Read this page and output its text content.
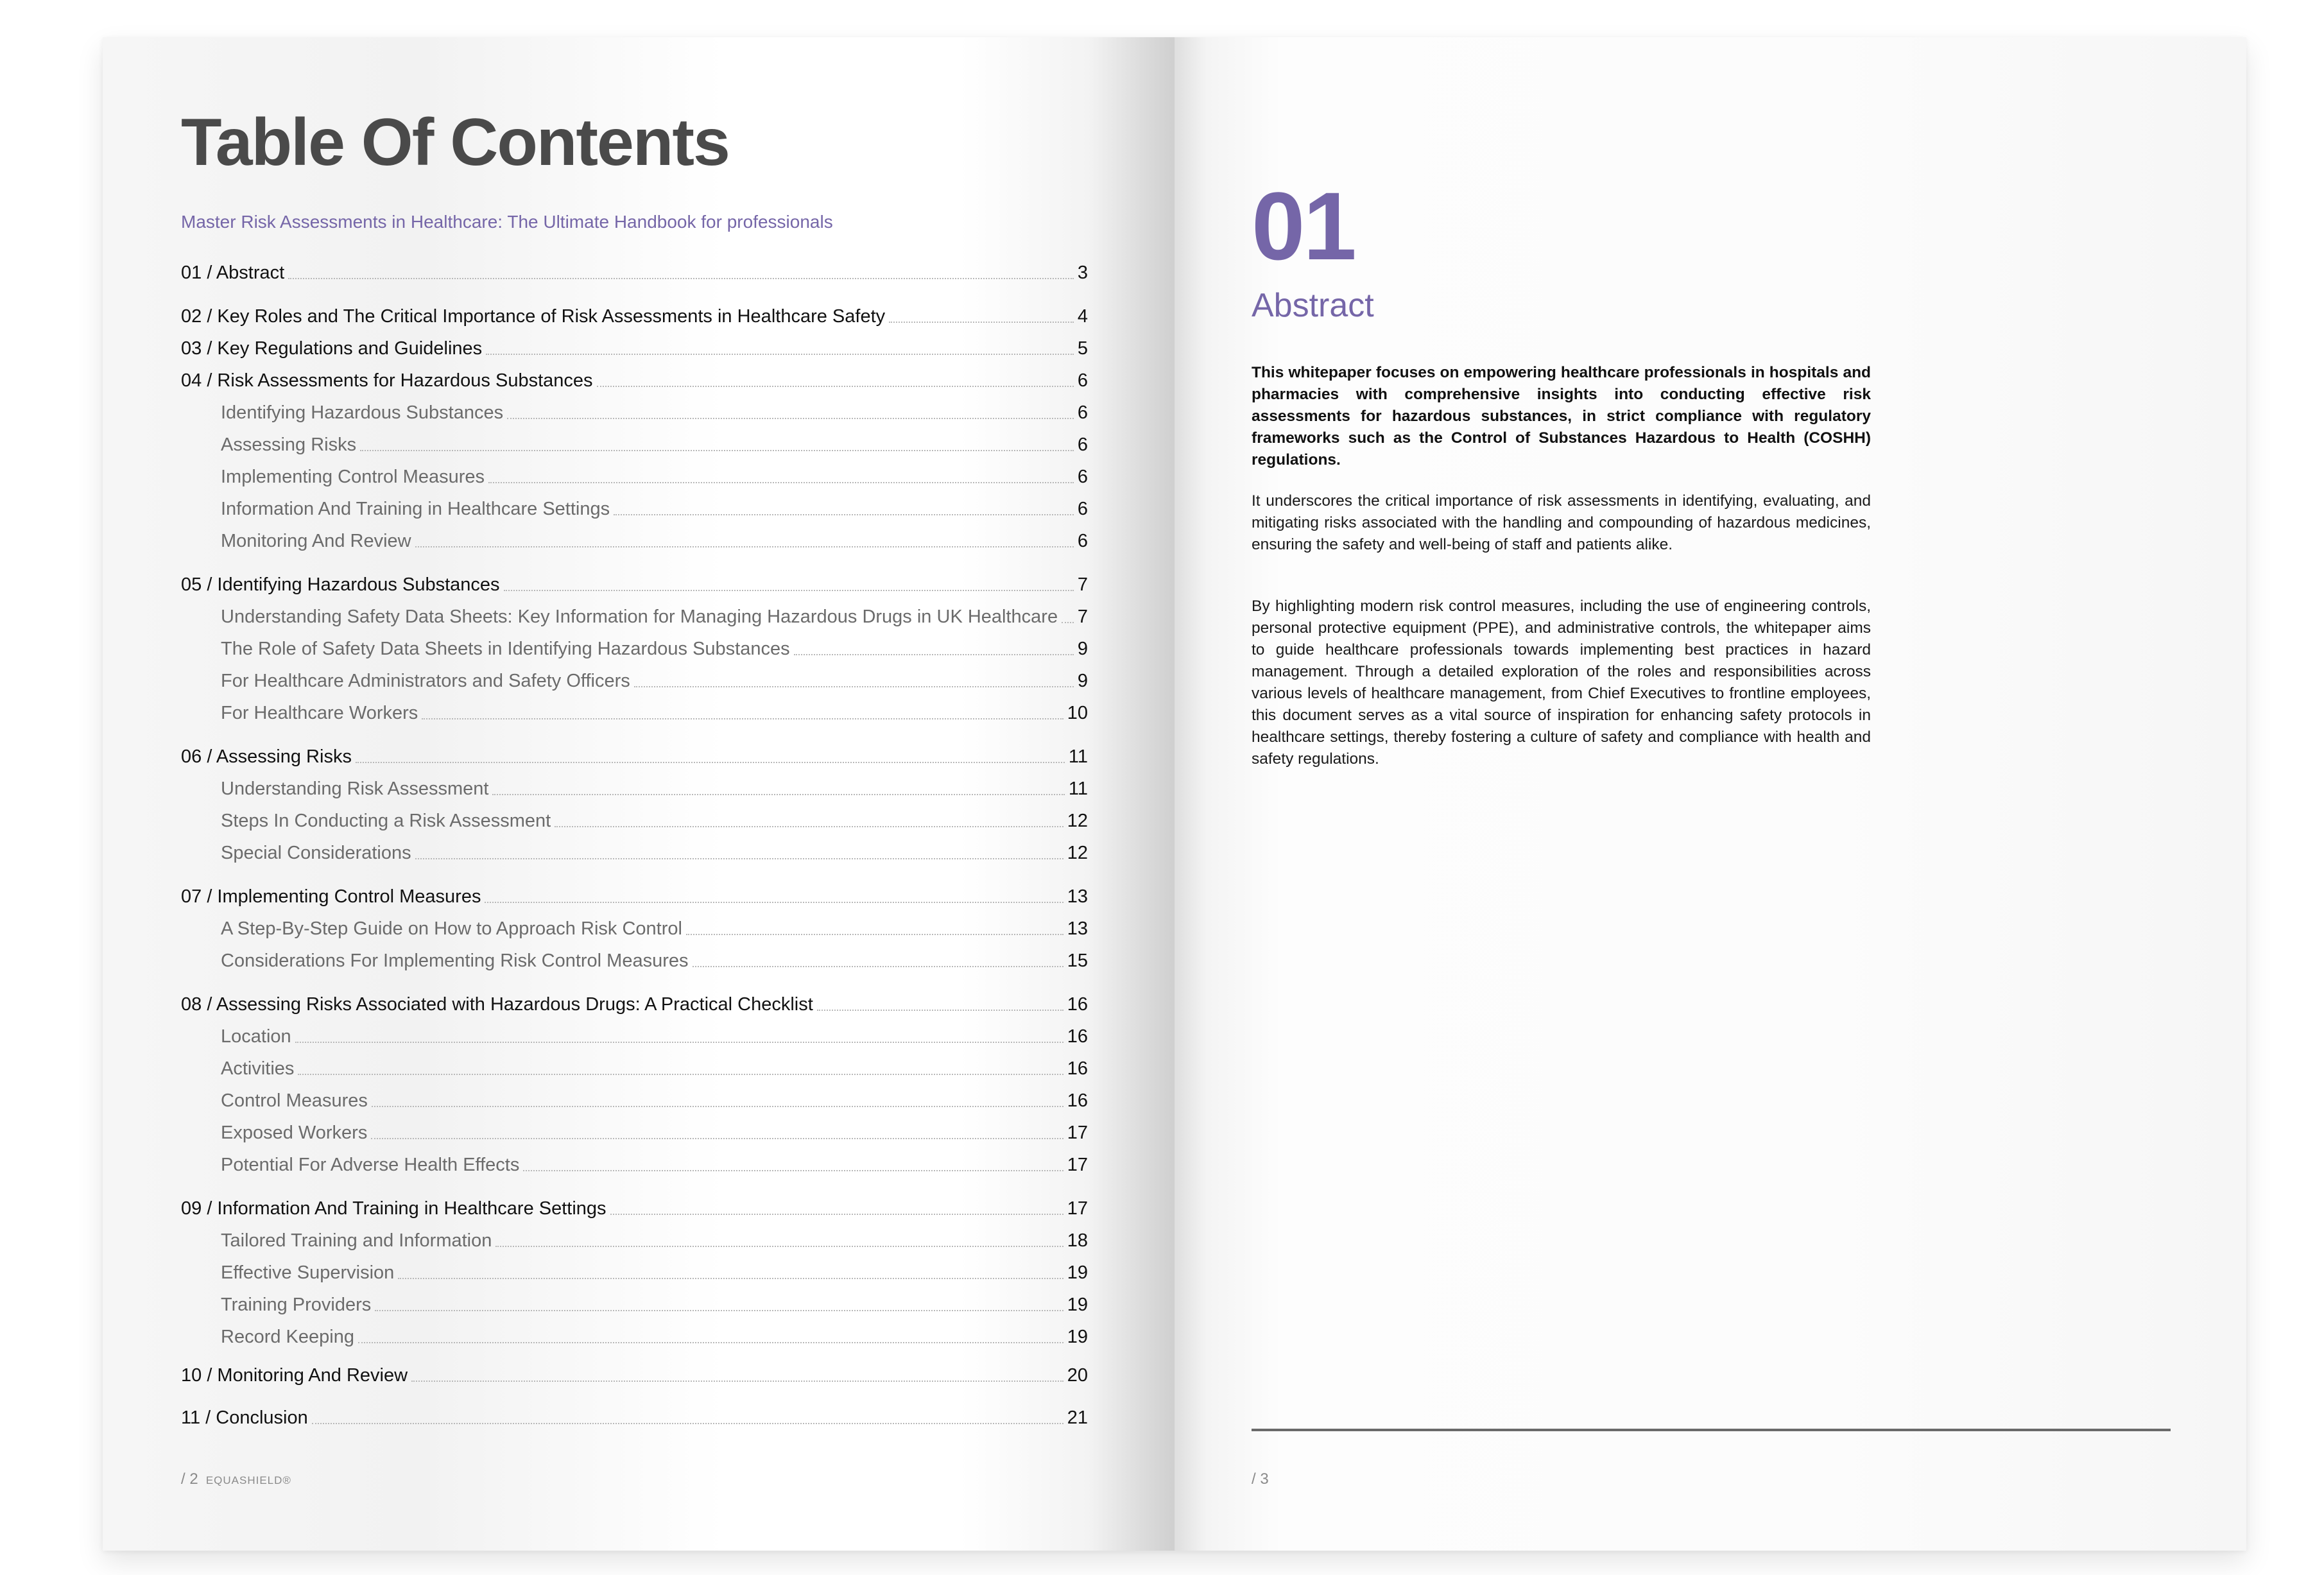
Table Of Contents
Master Risk Assessments in Healthcare: The Ultimate Handbook for professionals
01 / Abstract	3
02 / Key Roles and The Critical Importance of Risk Assessments in Healthcare Safety	4
03 / Key Regulations and Guidelines	5
04 / Risk Assessments for Hazardous Substances	6
Identifying Hazardous Substances	6
Assessing Risks	6
Implementing Control Measures	6
Information And Training in Healthcare Settings	6
Monitoring And Review	6
05 / Identifying Hazardous Substances	7
Understanding Safety Data Sheets: Key Information for Managing Hazardous Drugs in UK Healthcare 7
The Role of Safety Data Sheets in Identifying Hazardous Substances	9
For Healthcare Administrators and Safety Officers	9
For Healthcare Workers	10
06 / Assessing Risks	11
Understanding Risk Assessment	11
Steps In Conducting a Risk Assessment	12
Special Considerations	12
07 / Implementing Control Measures	13
A Step-By-Step Guide on How to Approach Risk Control	13
Considerations For Implementing Risk Control Measures	15
08 / Assessing Risks Associated with Hazardous Drugs: A Practical Checklist	16
Location	16
Activities	16
Control Measures	16
Exposed Workers	17
Potential For Adverse Health Effects	17
09 / Information And Training in Healthcare Settings	17
Tailored Training and Information	18
Effective Supervision	19
Training Providers	19
Record Keeping	19
10 / Monitoring And Review	20
11 / Conclusion	21
/ 2 EQUASHIELD®
01
Abstract

This whitepaper focuses on empowering healthcare professionals in hospitals and pharmacies with comprehensive insights into conducting effective risk assessments for hazardous substances, in strict compliance with regulatory frameworks such as the Control of Substances Hazardous to Health (COSHH) regulations.

It underscores the critical importance of risk assessments in identifying, evaluating, and mitigating risks associated with the handling and compounding of hazardous medicines, ensuring the safety and well-being of staff and patients alike.

By highlighting modern risk control measures, including the use of engineering controls, personal protective equipment (PPE), and administrative controls, the whitepaper aims to guide healthcare professionals towards implementing best practices in hazard management. Through a detailed exploration of the roles and responsibilities across various levels of healthcare management, from Chief Executives to frontline employees, this document serves as a vital source of inspiration for enhancing safety protocols in healthcare settings, thereby fostering a culture of safety and compliance with health and safety regulations.

/ 3
